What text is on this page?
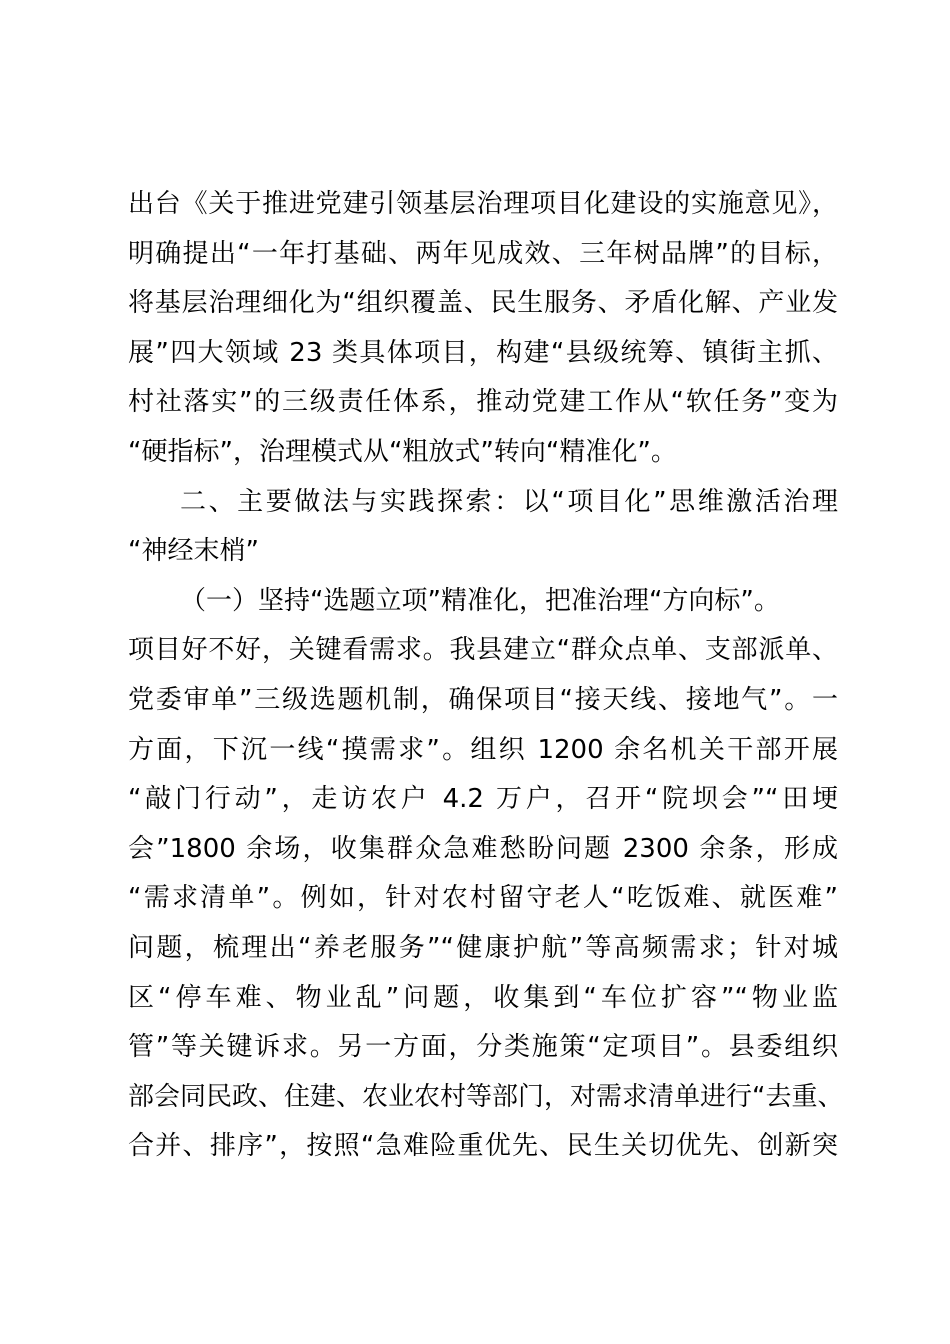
出台《关于推进党建引领基层治理项目化建设的实施意见》，
明确提出“一年打基础、两年见成效、三年树品牌”的目标，
将基层治理细化为“组织覆盖、民生服务、矛盾化解、产业发
展”四大领域 23 类具体项目，构建“县级统筹、镇街主抓、
村社落实”的三级责任体系，推动党建工作从“软任务”变为
“硬指标”，治理模式从“粗放式”转向“精准化”。
二、主要做法与实践探索：以“项目化”思维激活治理
“神经末梢”
（一）坚持“选题立项”精准化，把准治理“方向标”。
项目好不好，关键看需求。我县建立“群众点单、支部派单、
党委审单”三级选题机制，确保项目“接天线、接地气”。一
方面，下沉一线“摸需求”。组织 1200 余名机关干部开展
“敲门行动”，走访农户 4.2 万户，召开“院坝会”“田埂
会”1800 余场，收集群众急难愁盼问题 2300 余条，形成
“需求清单”。例如，针对农村留守老人“吃饭难、就医难”
问题，梳理出“养老服务”“健康护航”等高频需求；针对城
区“停车难、物业乱”问题，收集到“车位扩容”“物业监
管”等关键诉求。另一方面，分类施策“定项目”。县委组织
部会同民政、住建、农业农村等部门，对需求清单进行“去重、
合并、排序”，按照“急难险重优先、民生关切优先、创新突
